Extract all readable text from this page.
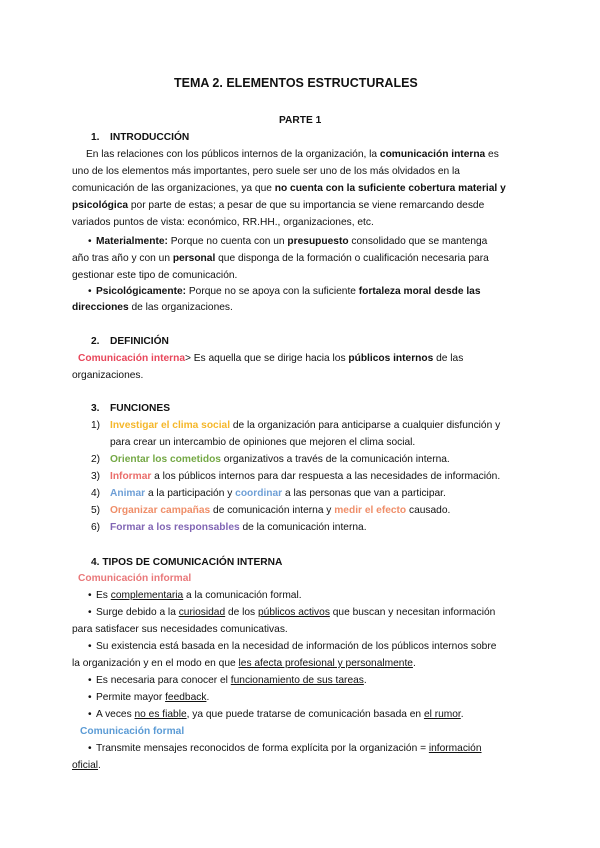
TEMA 2. ELEMENTOS ESTRUCTURALES
PARTE 1
1. INTRODUCCIÓN
En las relaciones con los públicos internos de la organización, la comunicación interna es
uno de los elementos más importantes, pero suele ser uno de los más olvidados en la
comunicación de las organizaciones, ya que no cuenta con la suficiente cobertura material y
psicológica por parte de estas; a pesar de que su importancia se viene remarcando desde
variados puntos de vista: económico, RR.HH., organizaciones, etc.
• Materialmente: Porque no cuenta con un presupuesto consolidado que se mantenga
año tras año y con un personal que disponga de la formación o cualificación necesaria para
gestionar este tipo de comunicación.
• Psicológicamente: Porque no se apoya con la suficiente fortaleza moral desde las
direcciones de las organizaciones.
2. DEFINICIÓN
Comunicación interna> Es aquella que se dirige hacia los públicos internos de las
organizaciones.
3. FUNCIONES
1) Investigar el clima social de la organización para anticiparse a cualquier disfunción y
para crear un intercambio de opiniones que mejoren el clima social.
2) Orientar los cometidos organizativos a través de la comunicación interna.
3) Informar a los públicos internos para dar respuesta a las necesidades de información.
4) Animar a la participación y coordinar a las personas que van a participar.
5) Organizar campañas de comunicación interna y medir el efecto causado.
6) Formar a los responsables de la comunicación interna.
4. TIPOS DE COMUNICACIÓN INTERNA
Comunicación informal
• Es complementaria a la comunicación formal.
• Surge debido a la curiosidad de los públicos activos que buscan y necesitan información
para satisfacer sus necesidades comunicativas.
• Su existencia está basada en la necesidad de información de los públicos internos sobre
la organización y en el modo en que les afecta profesional y personalmente.
• Es necesaria para conocer el funcionamiento de sus tareas.
• Permite mayor feedback.
• A veces no es fiable, ya que puede tratarse de comunicación basada en el rumor.
Comunicación formal
• Transmite mensajes reconocidos de forma explícita por la organización = información
oficial.
